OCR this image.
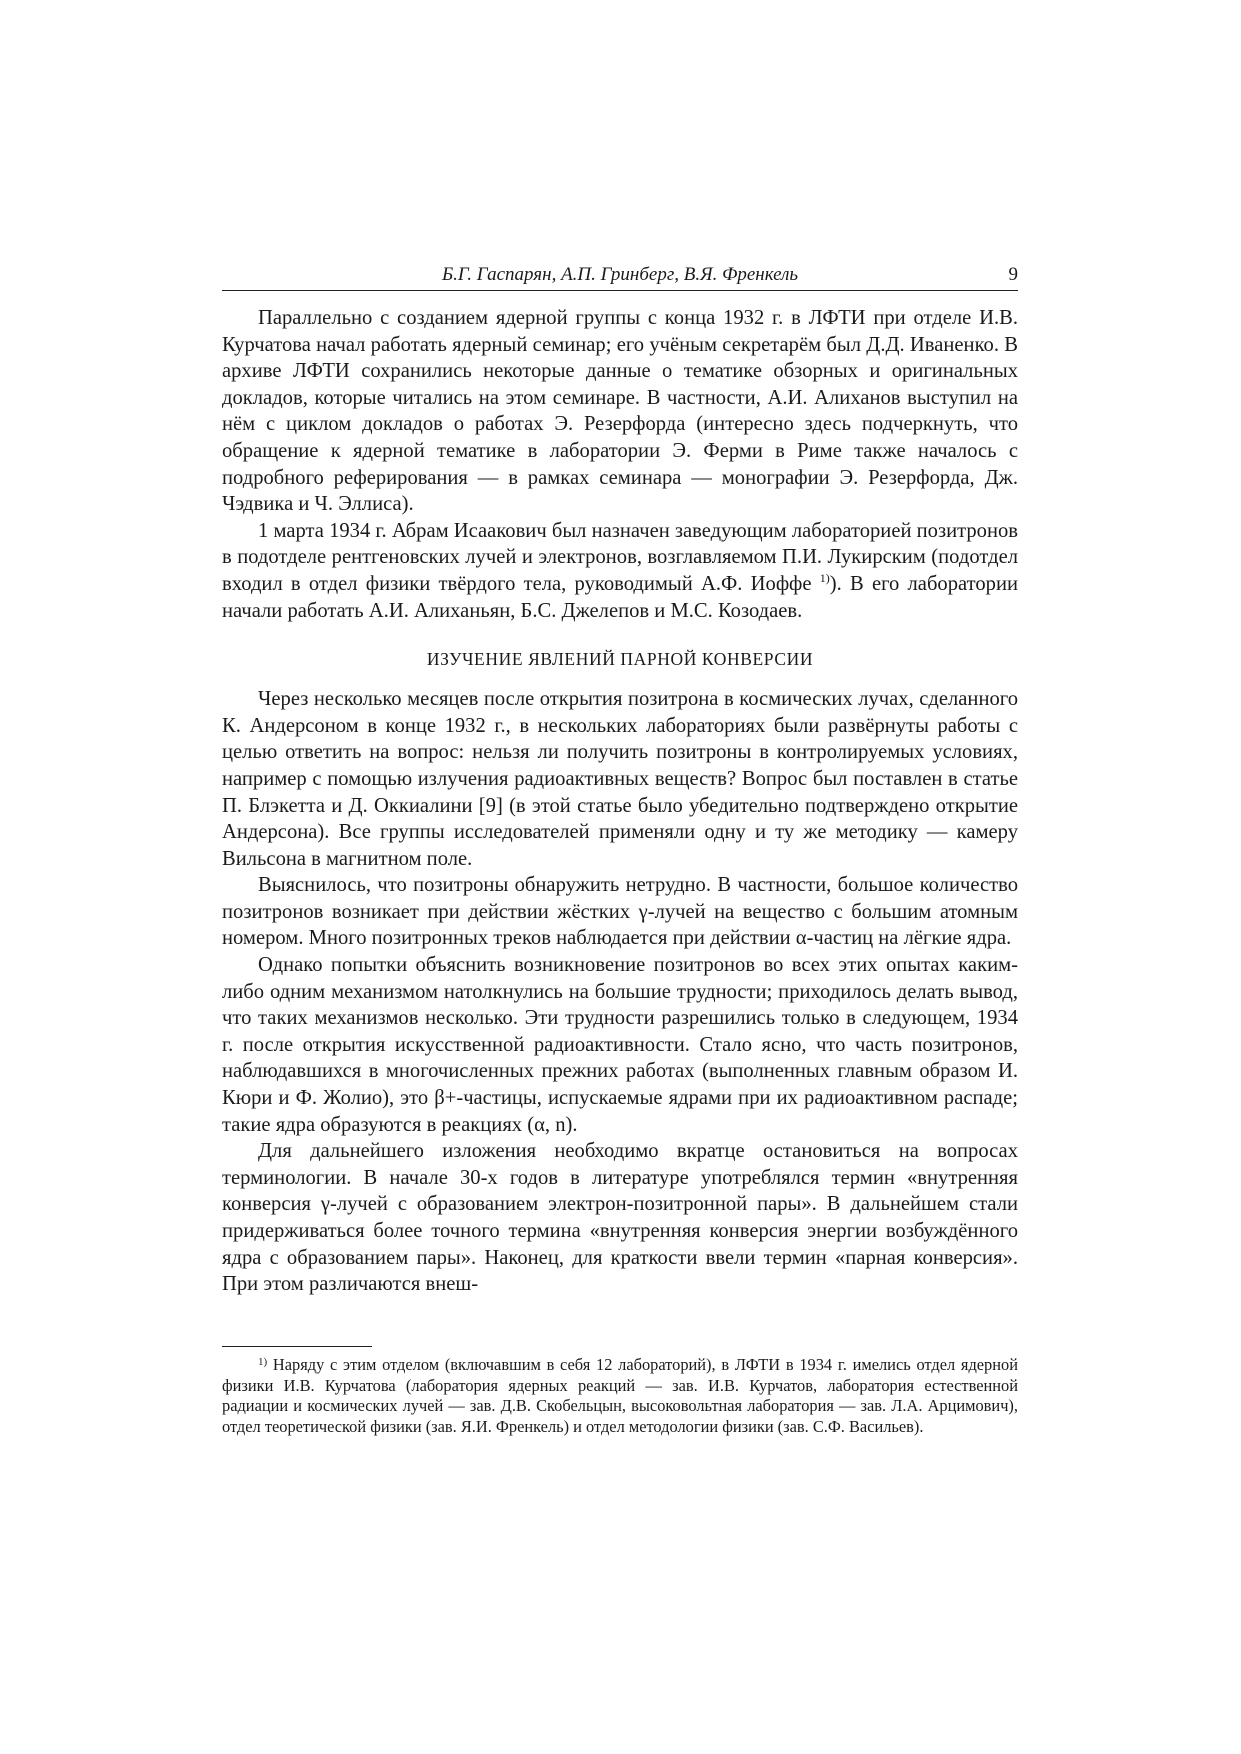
Б.Г. Гаспарян, А.П. Гринберг, В.Я. Френкель	9

Параллельно с созданием ядерной группы с конца 1932 г. в ЛФТИ при отделе И.В. Курчатова начал работать ядерный семинар; его учёным секретарём был Д.Д. Иваненко. В архиве ЛФТИ сохранились некоторые данные о тематике обзорных и оригинальных докладов, которые читались на этом семинаре. В частности, А.И. Алиханов выступил на нём с циклом докладов о работах Э. Резерфорда (интересно здесь подчеркнуть, что обращение к ядерной тематике в лаборатории Э. Ферми в Риме также началось с подробного реферирования — в рамках семинара — монографии Э. Резерфорда, Дж. Чэдвика и Ч. Эллиса).

1 марта 1934 г. Абрам Исаакович был назначен заведующим лабораторией позитронов в подотделе рентгеновских лучей и электронов, возглавляемом П.И. Лукирским (подотдел входил в отдел физики твёрдого тела, руководимый А.Ф. Иоффе $^{1)}$). В его лаборатории начали работать А.И. Алиханьян, Б.С. Джелепов и М.С. Козодаев.

ИЗУЧЕНИЕ ЯВЛЕНИЙ ПАРНОЙ КОНВЕРСИИ

Через несколько месяцев после открытия позитрона в космических лучах, сделанного К. Андерсоном в конце 1932 г., в нескольких лабораториях были развёрнуты работы с целью ответить на вопрос: нельзя ли получить позитроны в контролируемых условиях, например с помощью излучения радиоактивных веществ? Вопрос был поставлен в статье П. Блэкетта и Д. Оккиалини [9] (в этой статье было убедительно подтверждено открытие Андерсона). Все группы исследователей применяли одну и ту же методику — камеру Вильсона в магнитном поле.

Выяснилось, что позитроны обнаружить нетрудно. В частности, большое количество позитронов возникает при действии жёстких γ-лучей на вещество с большим атомным номером. Много позитронных треков наблюдается при действии α-частиц на лёгкие ядра.

Однако попытки объяснить возникновение позитронов во всех этих опытах каким-либо одним механизмом натолкнулись на большие трудности; приходилось делать вывод, что таких механизмов несколько. Эти трудности разрешились только в следующем, 1934 г. после открытия искусственной радиоактивности. Стало ясно, что часть позитронов, наблюдавшихся в многочисленных прежних работах (выполненных главным образом И. Кюри и Ф. Жолио), это β+-частицы, испускаемые ядрами при их радиоактивном распаде; такие ядра образуются в реакциях (α, n).

Для дальнейшего изложения необходимо вкратце остановиться на вопросах терминологии. В начале 30-х годов в литературе употреблялся термин «внутренняя конверсия γ-лучей с образованием электрон-позитронной пары». В дальнейшем стали придерживаться более точного термина «внутренняя конверсия энергии возбуждённого ядра с образованием пары». Наконец, для краткости ввели термин «парная конверсия». При этом различаются внеш-

$^{1)}$ Наряду с этим отделом (включавшим в себя 12 лабораторий), в ЛФТИ в 1934 г. имелись отдел ядерной физики И.В. Курчатова (лаборатория ядерных реакций — зав. И.В. Курчатов, лаборатория естественной радиации и космических лучей — зав. Д.В. Скобельцын, высоковольтная лаборатория — зав. Л.А. Арцимович), отдел теоретической физики (зав. Я.И. Френкель) и отдел методологии физики (зав. С.Ф. Васильев).
